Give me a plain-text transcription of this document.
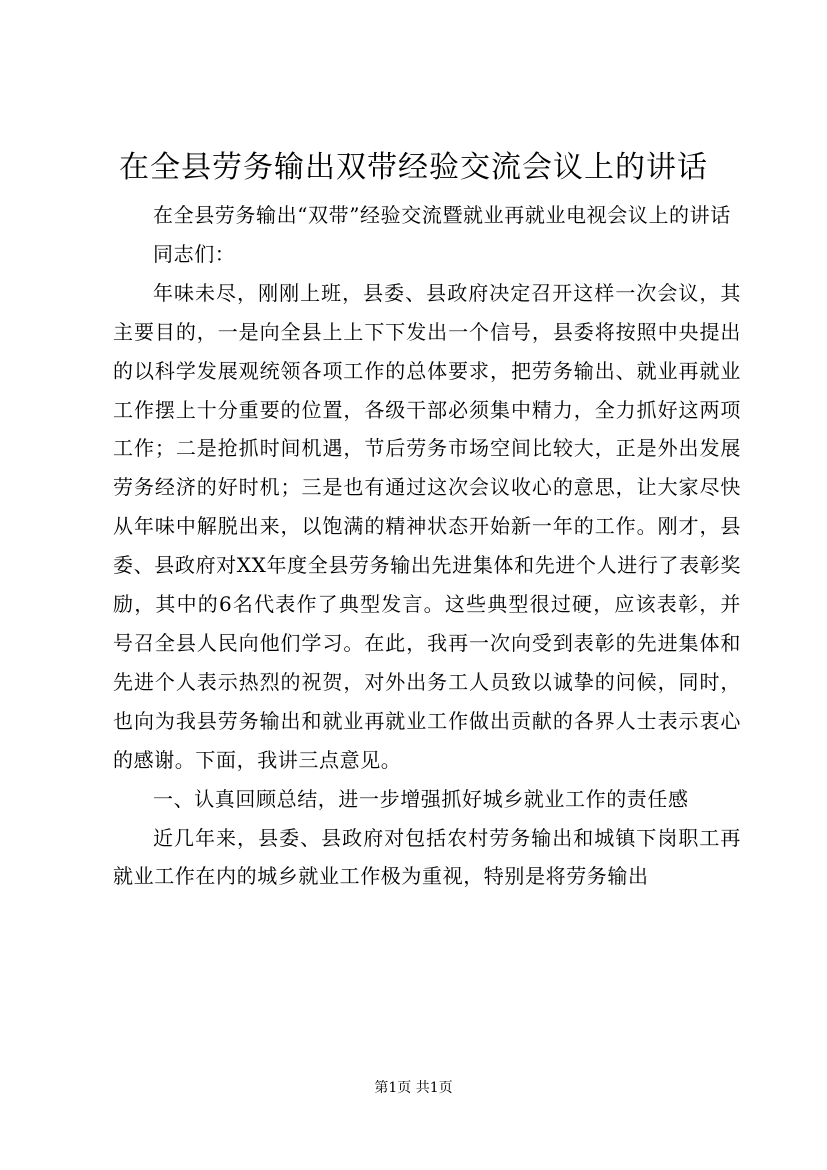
在全县劳务输出双带经验交流会议上的讲话

在全县劳务输出“双带”经验交流暨就业再就业电视会议上的讲话

同志们：

年味未尽，刚刚上班，县委、县政府决定召开这样一次会议，其主要目的，一是向全县上上下下发出一个信号，县委将按照中央提出的以科学发展观统领各项工作的总体要求，把劳务输出、就业再就业工作摆上十分重要的位置，各级干部必须集中精力，全力抓好这两项工作；二是抢抓时间机遇，节后劳务市场空间比较大，正是外出发展劳务经济的好时机；三是也有通过这次会议收心的意思，让大家尽快从年味中解脱出来，以饱满的精神状态开始新一年的工作。刚才，县委、县政府对XX年度全县劳务输出先进集体和先进个人进行了表彰奖励，其中的6名代表作了典型发言。这些典型很过硬，应该表彰，并号召全县人民向他们学习。在此，我再一次向受到表彰的先进集体和先进个人表示热烈的祝贺，对外出务工人员致以诚挚的问候，同时，也向为我县劳务输出和就业再就业工作做出贡献的各界人士表示衷心的感谢。下面，我讲三点意见。

一、认真回顾总结，进一步增强抓好城乡就业工作的责任感

近几年来，县委、县政府对包括农村劳务输出和城镇下岗职工再就业工作在内的城乡就业工作极为重视，特别是将劳务输出

第1页 共1页
